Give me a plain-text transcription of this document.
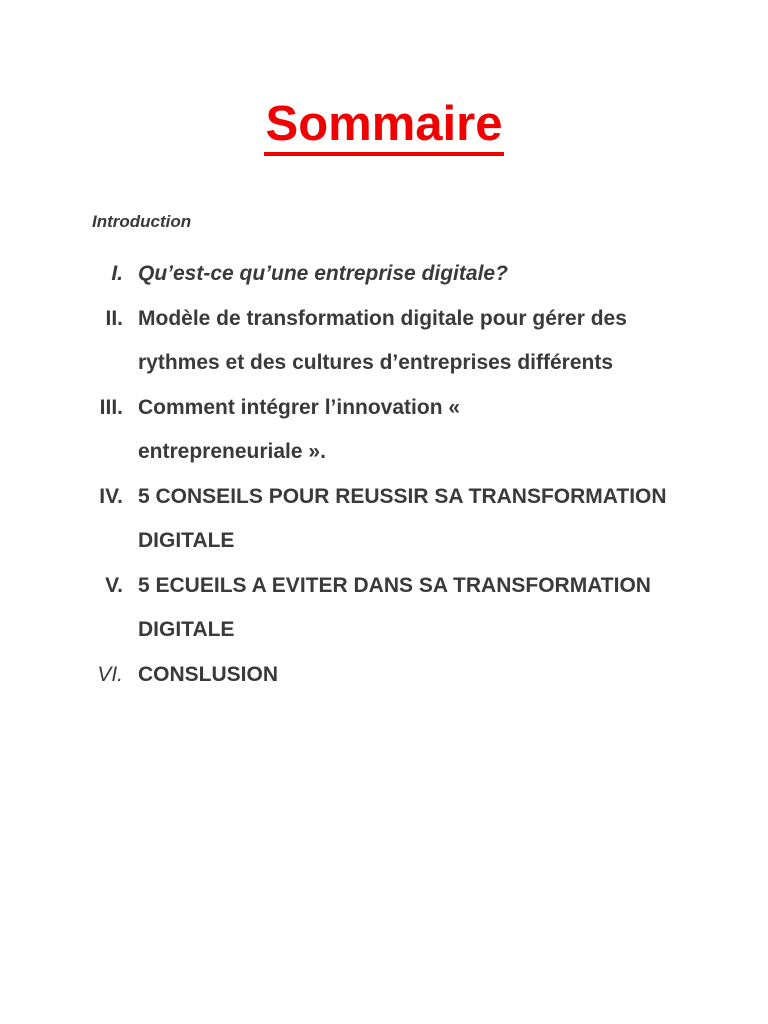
Sommaire
Introduction
I. Qu’est-ce qu’une entreprise digitale?
II. Modèle de transformation digitale pour gérer des rythmes et des cultures d’entreprises différents
III. Comment intégrer l’innovation « entrepreneuriale ».
IV. 5 CONSEILS POUR REUSSIR SA TRANSFORMATION DIGITALE
V. 5 ECUEILS A EVITER DANS SA TRANSFORMATION DIGITALE
VI. CONSLUSION
